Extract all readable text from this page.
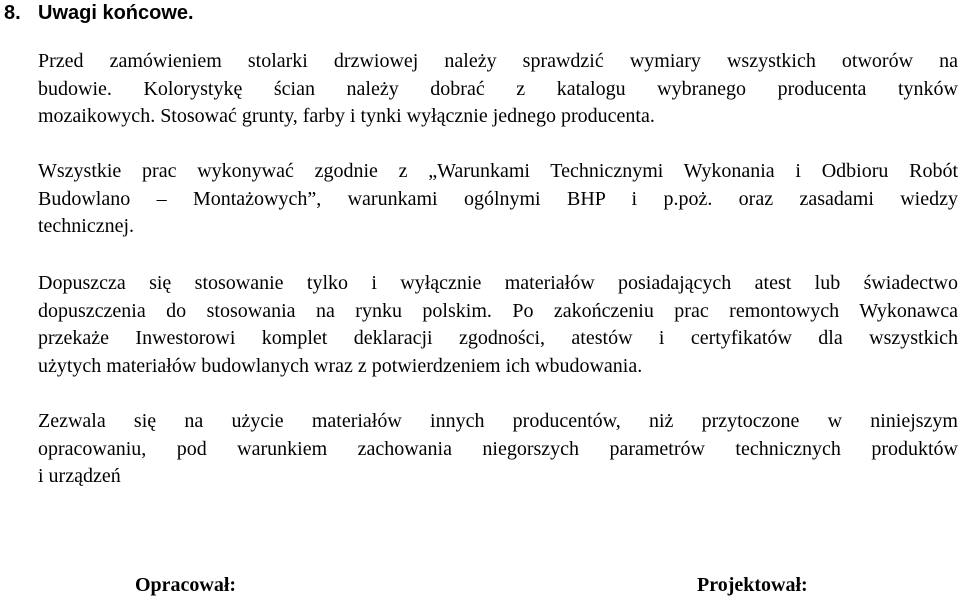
8. Uwagi końcowe.
Przed zamówieniem stolarki drzwiowej należy sprawdzić wymiary wszystkich otworów na
budowie. Kolorystykę ścian należy dobrać z katalogu wybranego producenta tynków
mozaikowych. Stosować grunty, farby i tynki wyłącznie jednego producenta.
Wszystkie prac wykonywać zgodnie z „Warunkami Technicznymi Wykonania i Odbioru Robót
Budowlano – Montażowych”, warunkami ogólnymi BHP i p.poż. oraz zasadami wiedzy
technicznej.
Dopuszcza się stosowanie tylko i wyłącznie materiałów posiadających atest lub świadectwo
dopuszczenia do stosowania na rynku polskim. Po zakończeniu prac remontowych Wykonawca
przekaże Inwestorowi komplet deklaracji zgodności, atestów i certyfikatów dla wszystkich
użytych materiałów budowlanych wraz z potwierdzeniem ich wbudowania.
Zezwala się na użycie materiałów innych producentów, niż przytoczone w niniejszym
opracowaniu, pod warunkiem zachowania niegorszych parametrów technicznych produktów
i urządzeń
Opracował:	Projektował:
